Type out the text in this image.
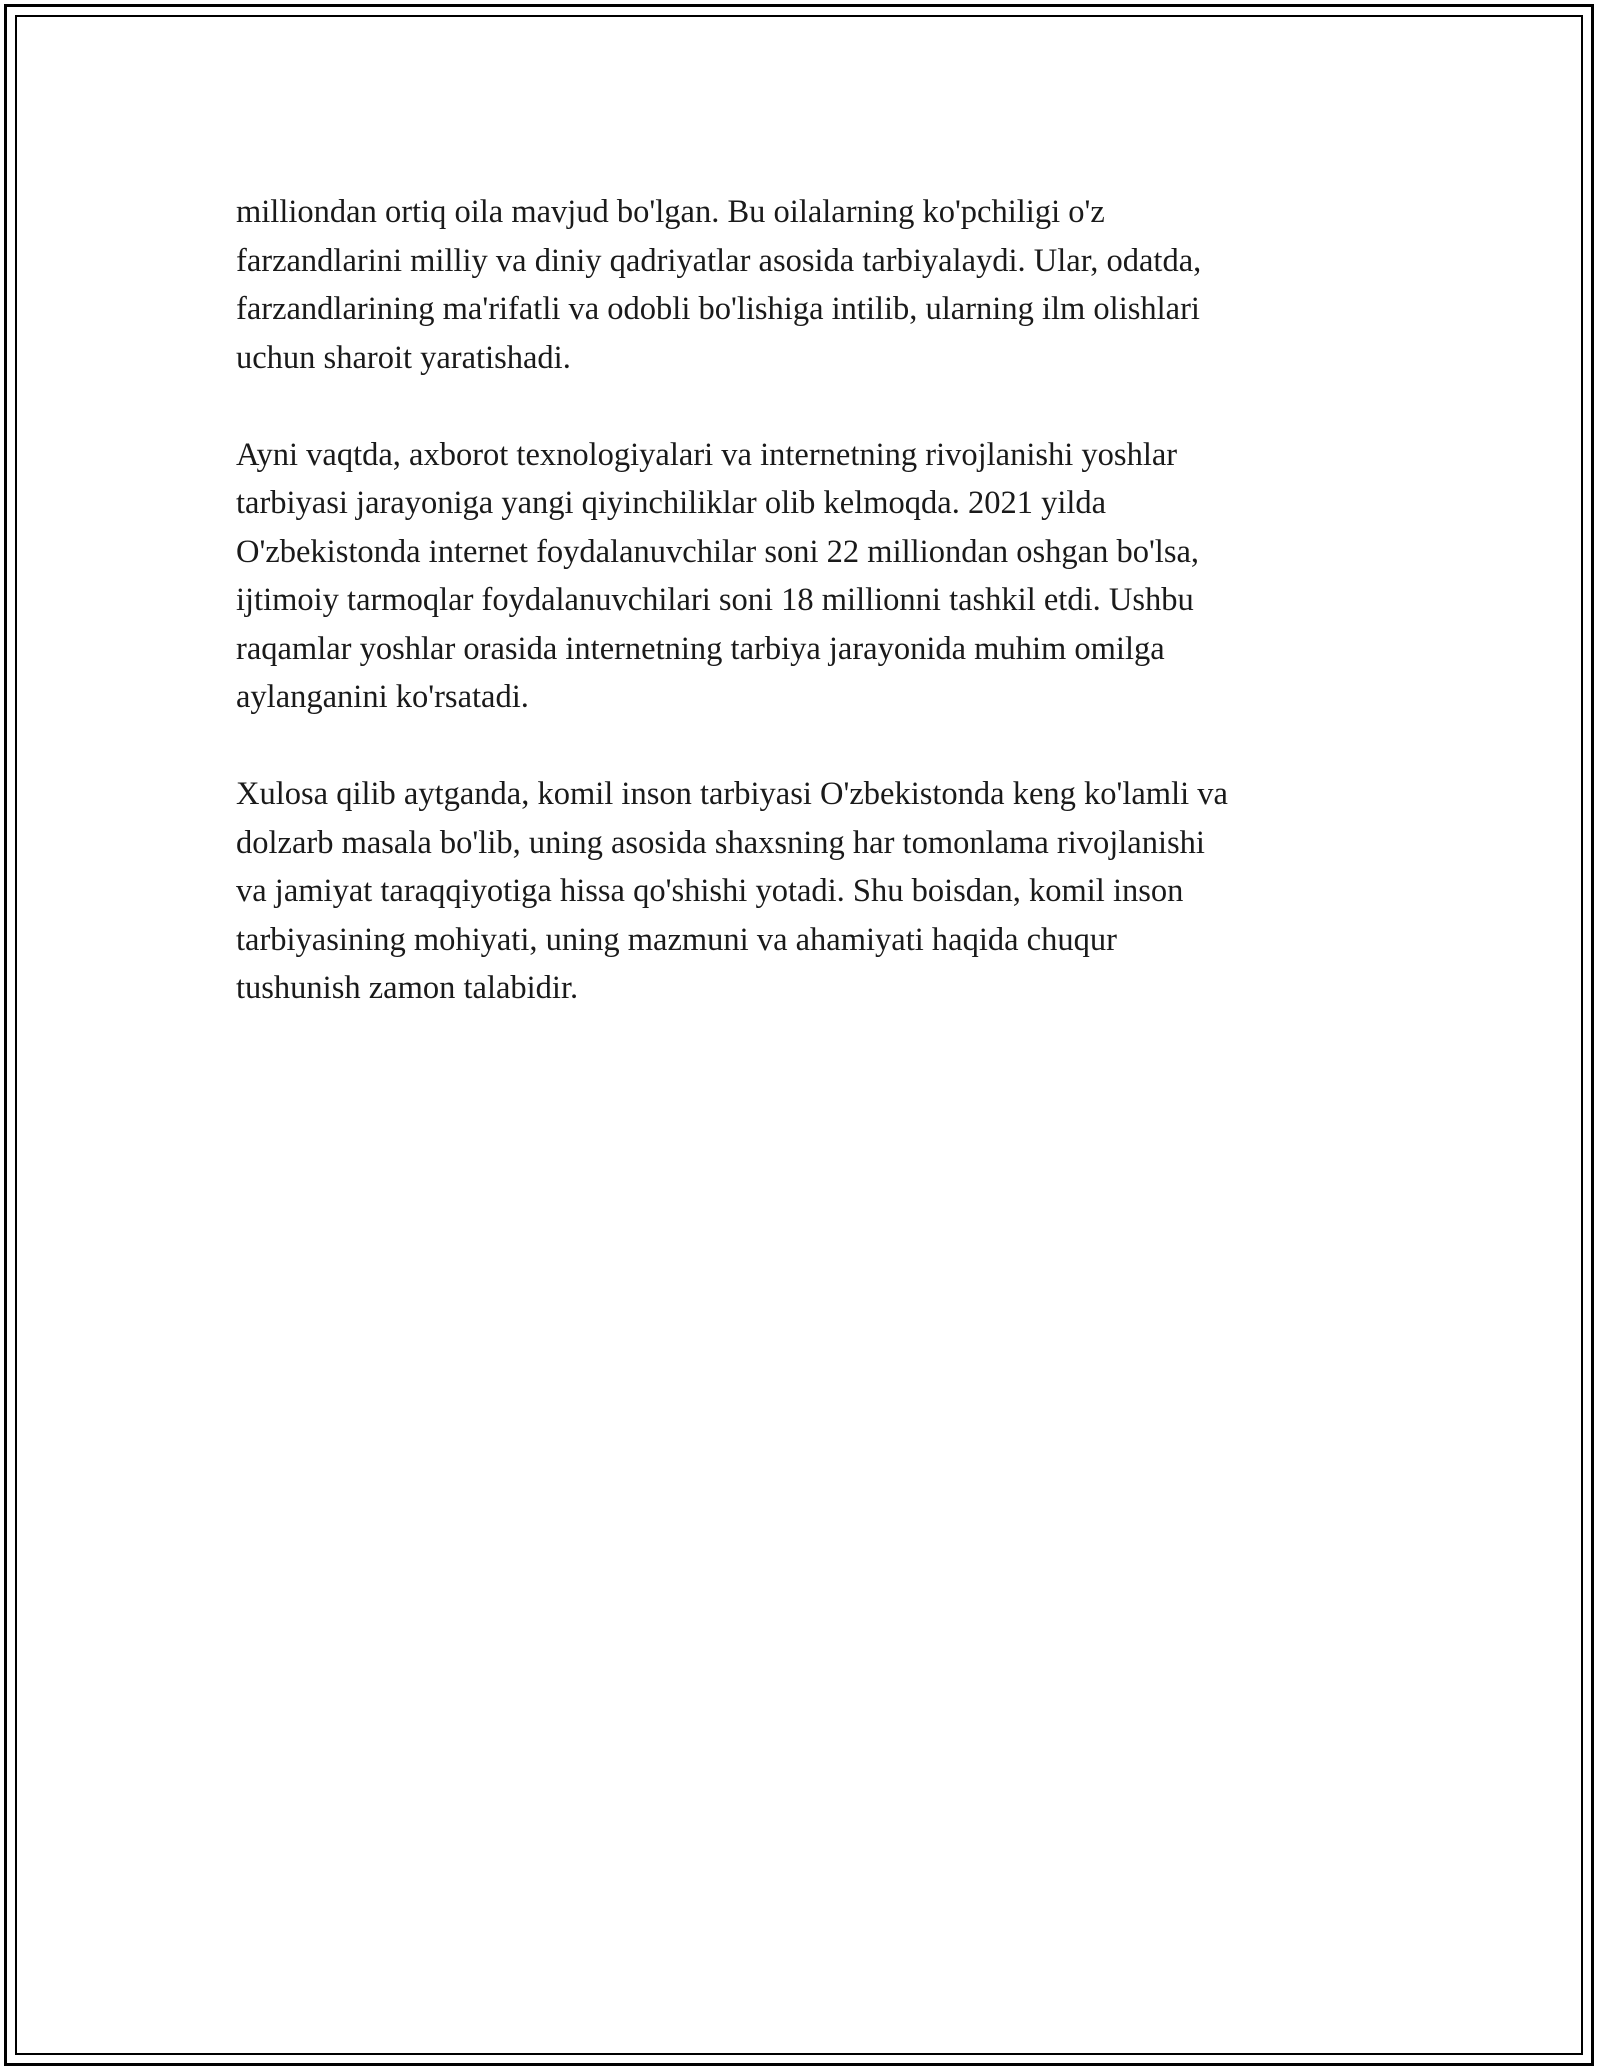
milliondan ortiq oila mavjud bo'lgan. Bu oilalarning ko'pchiligi o'z
farzandlarini milliy va diniy qadriyatlar asosida tarbiyalaydi. Ular, odatda,
farzandlarining ma'rifatli va odobli bo'lishiga intilib, ularning ilm olishlari
uchun sharoit yaratishadi.

Ayni vaqtda, axborot texnologiyalari va internetning rivojlanishi yoshlar
tarbiyasi jarayoniga yangi qiyinchiliklar olib kelmoqda. 2021 yilda
O'zbekistonda internet foydalanuvchilar soni 22 milliondan oshgan bo'lsa,
ijtimoiy tarmoqlar foydalanuvchilari soni 18 millionni tashkil etdi. Ushbu
raqamlar yoshlar orasida internetning tarbiya jarayonida muhim omilga
aylanganini ko'rsatadi.

Xulosa qilib aytganda, komil inson tarbiyasi O'zbekistonda keng ko'lamli va
dolzarb masala bo'lib, uning asosida shaxsning har tomonlama rivojlanishi
va jamiyat taraqqiyotiga hissa qo'shishi yotadi. Shu boisdan, komil inson
tarbiyasining mohiyati, uning mazmuni va ahamiyati haqida chuqur
tushunish zamon talabidir.
